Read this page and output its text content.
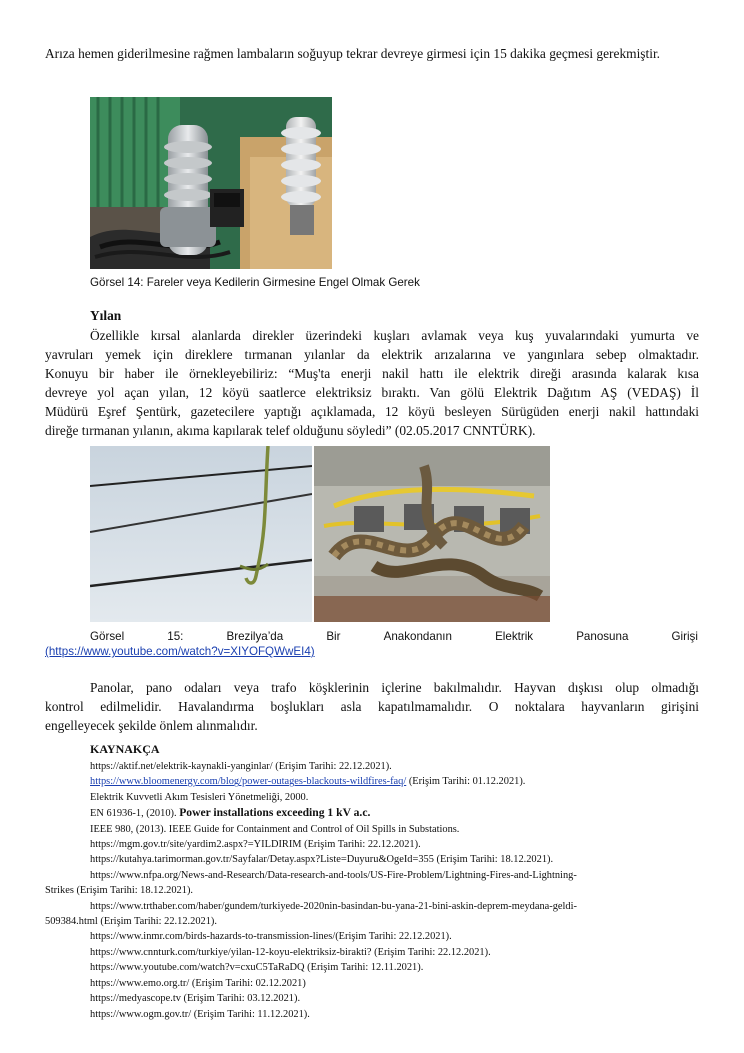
Arıza hemen giderilmesine rağmen lambaların soğuyup tekrar devreye girmesi için 15 dakika geçmesi gerekmiştir.

Görsel 14: Fareler veya Kedilerin Girmesine Engel Olmak Gerek
Yılan

Özellikle kırsal alanlarda direkler üzerindeki kuşları avlamak veya kuş yuvalarındaki yumurta ve

yavruları yemek için direklere tırmanan yılanlar da elektrik arızalarına ve yangınlara sebep olmaktadır.

Konuyu bir haber ile örnekleyebiliriz: “Muş'ta enerji nakil hattı ile elektrik direği arasında kalarak kısa

devreye yol açan yılan, 12 köyü saatlerce elektriksiz bıraktı. Van gölü Elektrik Dağıtım AŞ (VEDAŞ) İl

Müdürü Eşref Şentürk, gazetecilere yaptığı açıklamada, 12 köyü besleyen Sürügüden enerji nakil hattındaki

direğe tırmanan yılanın, akıma kapılarak telef olduğunu söyledi” (02.05.2017 CNNTÜRK).

Görsel	15:	Brezilya’da	Bir	Anakondanın	Elektrik	Panosuna	Girişi
(https://www.youtube.com/watch?v=XIYOFQWwEI4)

Panolar, pano odaları veya trafo köşklerinin içlerine bakılmalıdır. Hayvan dışkısı olup olmadığı

kontrol edilmelidir. Havalandırma boşlukları asla kapatılmamalıdır. O noktalara hayvanların girişini

engelleyecek şekilde önlem alınmalıdır.

KAYNAKÇA
https://aktif.net/elektrik-kaynakli-yanginlar/ (Erişim Tarihi: 22.12.2021).
https://www.bloomenergy.com/blog/power-outages-blackouts-wildfires-faq/ (Erişim Tarihi: 01.12.2021).
Elektrik Kuvvetli Akım Tesisleri Yönetmeliği, 2000.
EN 61936-1, (2010). Power installations exceeding 1 kV a.c.
IEEE 980, (2013). IEEE Guide for Containment and Control of Oil Spills in Substations.
https://mgm.gov.tr/site/yardim2.aspx?=YILDIRIM (Erişim Tarihi: 22.12.2021).
https://kutahya.tarimorman.gov.tr/Sayfalar/Detay.aspx?Liste=Duyuru&OgeId=355 (Erişim Tarihi: 18.12.2021).
https://www.nfpa.org/News-and-Research/Data-research-and-tools/US-Fire-Problem/Lightning-Fires-and-Lightning-
Strikes (Erişim Tarihi: 18.12.2021).
https://www.trthaber.com/haber/gundem/turkiyede-2020nin-basindan-bu-yana-21-bini-askin-deprem-meydana-geldi-
509384.html (Erişim Tarihi: 22.12.2021).
https://www.inmr.com/birds-hazards-to-transmission-lines/(Erişim Tarihi: 22.12.2021).
https://www.cnnturk.com/turkiye/yilan-12-koyu-elektriksiz-birakti? (Erişim Tarihi: 22.12.2021).
https://www.youtube.com/watch?v=cxuC5TaRaDQ (Erişim Tarihi: 12.11.2021).
https://www.emo.org.tr/ (Erişim Tarihi: 02.12.2021)
https://medyascope.tv (Erişim Tarihi: 03.12.2021).
https://www.ogm.gov.tr/ (Erişim Tarihi: 11.12.2021).
